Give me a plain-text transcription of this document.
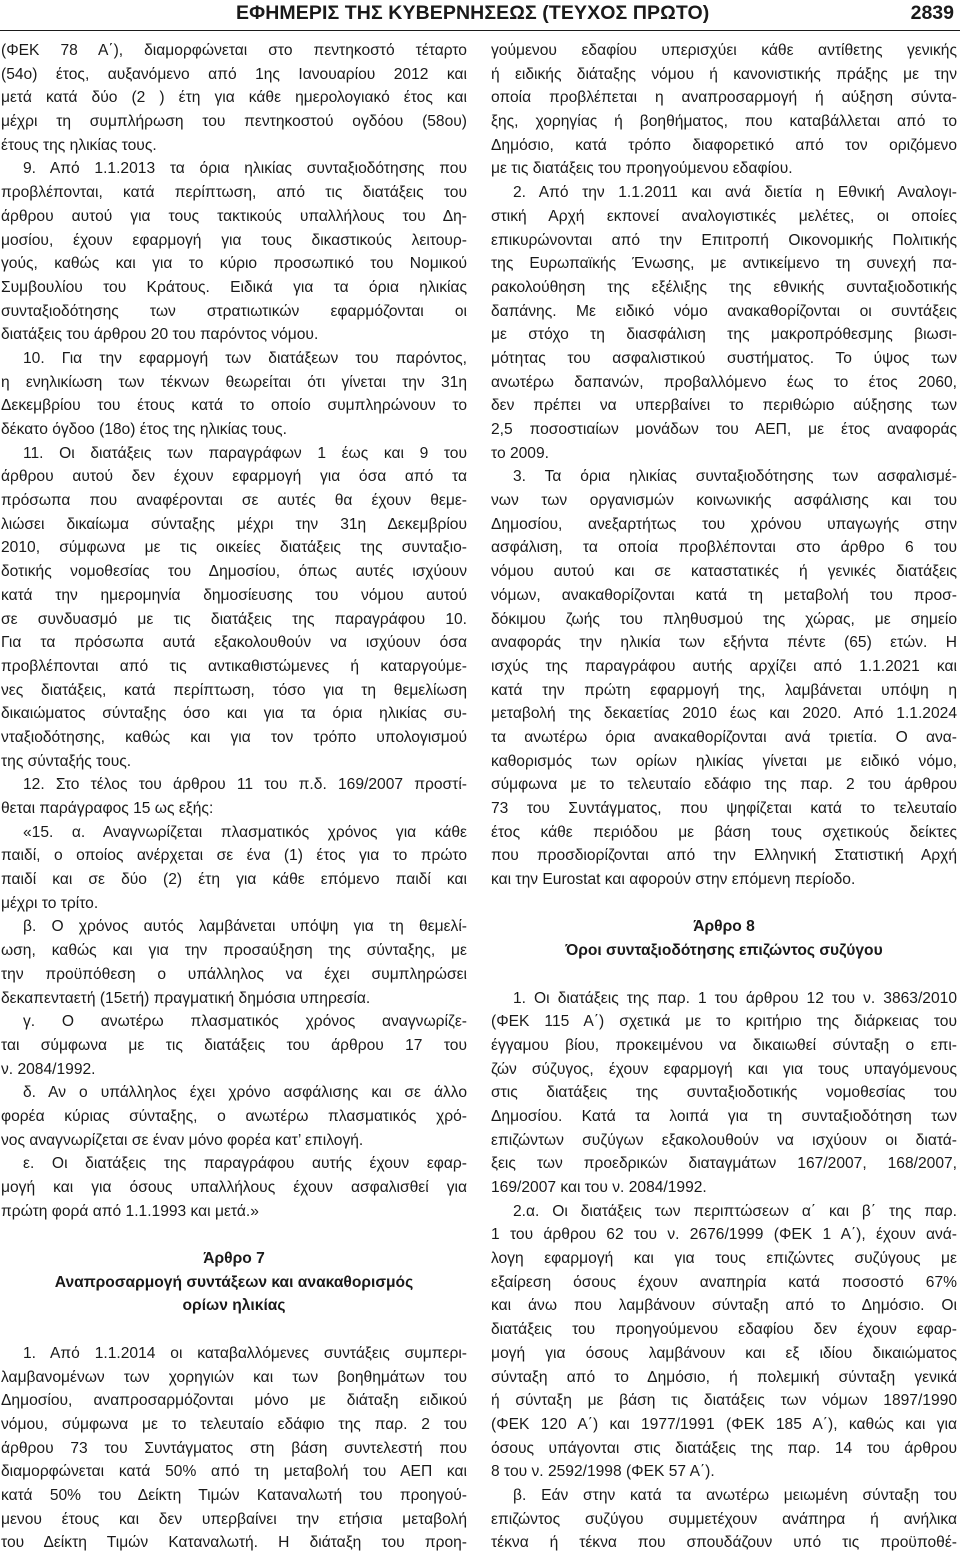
ΕΦΗΜΕΡΙΣ ΤΗΣ ΚΥΒΕΡΝΗΣΕΩΣ (ΤΕΥΧΟΣ ΠΡΩΤΟ)	2839
(ΦΕΚ 78 Α΄), διαμορφώνεται στο πεντηκοστό τέταρτο
(54ο) έτος, αυξανόμενο από 1ης Ιανουαρίου 2012 και
μετά κατά δύο (2 ) έτη για κάθε ημερολογιακό έτος και
μέχρι τη συμπλήρωση του πεντηκοστού ογδόου (58ου)
έτους της ηλικίας τους.
9. Από 1.1.2013 τα όρια ηλικίας συνταξιοδότησης που
προβλέπονται, κατά περίπτωση, από τις διατάξεις του
άρθρου αυτού για τους τακτικούς υπαλλήλους του Δη-
μοσίου, έχουν εφαρμογή για τους δικαστικούς λειτουρ-
γούς, καθώς και για το κύριο προσωπικό του Νομικού
Συμβουλίου του Κράτους. Ειδικά για τα όρια ηλικίας
συνταξιοδότησης των στρατιωτικών εφαρμόζονται οι
διατάξεις του άρθρου 20 του παρόντος νόμου.
10. Για την εφαρμογή των διατάξεων του παρόντος,
η ενηλικίωση των τέκνων θεωρείται ότι γίνεται την 31η
Δεκεμβρίου του έτους κατά το οποίο συμπληρώνουν το
δέκατο όγδοο (18ο) έτος της ηλικίας τους.
11. Οι διατάξεις των παραγράφων 1 έως και 9 του
άρθρου αυτού δεν έχουν εφαρμογή για όσα από τα
πρόσωπα που αναφέρονται σε αυτές θα έχουν θεμε-
λιώσει δικαίωμα σύνταξης μέχρι την 31η Δεκεμβρίου
2010, σύμφωνα με τις οικείες διατάξεις της συνταξιο-
δοτικής νομοθεσίας του Δημοσίου, όπως αυτές ισχύουν
κατά την ημερομηνία δημοσίευσης του νόμου αυτού
σε συνδυασμό με τις διατάξεις της παραγράφου 10.
Για τα πρόσωπα αυτά εξακολουθούν να ισχύουν όσα
προβλέπονται από τις αντικαθιστώμενες ή καταργούμε-
νες διατάξεις, κατά περίπτωση, τόσο για τη θεμελίωση
δικαιώματος σύνταξης όσο και για τα όρια ηλικίας συ-
νταξιοδότησης, καθώς και για τον τρόπο υπολογισμού
της σύνταξής τους.
12. Στο τέλος του άρθρου 11 του π.δ. 169/2007 προστί-
θεται παράγραφος 15 ως εξής:
«15. α. Αναγνωρίζεται πλασματικός χρόνος για κάθε
παιδί, ο οποίος ανέρχεται σε ένα (1) έτος για το πρώτο
παιδί και σε δύο (2) έτη για κάθε επόμενο παιδί και
μέχρι το τρίτο.
β. Ο χρόνος αυτός λαμβάνεται υπόψη για τη θεμελί-
ωση, καθώς και για την προσαύξηση της σύνταξης, με
την προϋπόθεση ο υπάλληλος να έχει συμπληρώσει
δεκαπενταετή (15ετή) πραγματική δημόσια υπηρεσία.
γ. Ο ανωτέρω πλασματικός χρόνος αναγνωρίζε-
ται σύμφωνα με τις διατάξεις του άρθρου 17 του
ν. 2084/1992.
δ. Αν ο υπάλληλος έχει χρόνο ασφάλισης και σε άλλο
φορέα κύριας σύνταξης, ο ανωτέρω πλασματικός χρό-
νος αναγνωρίζεται σε έναν μόνο φορέα κατ’ επιλογή.
ε. Οι διατάξεις της παραγράφου αυτής έχουν εφαρ-
μογή και για όσους υπαλλήλους έχουν ασφαλισθεί για
πρώτη φορά από 1.1.1993 και μετά.»
Άρθρο 7
Αναπροσαρμογή συντάξεων και ανακαθορισμός
ορίων ηλικίας
1. Από 1.1.2014 οι καταβαλλόμενες συντάξεις συμπερι-
λαμβανομένων των χορηγιών και των βοηθημάτων του
Δημοσίου, αναπροσαρμόζονται μόνο με διάταξη ειδικού
νόμου, σύμφωνα με το τελευταίο εδάφιο της παρ. 2 του
άρθρου 73 του Συντάγματος στη βάση συντελεστή που
διαμορφώνεται κατά 50% από τη μεταβολή του ΑΕΠ και
κατά 50% του Δείκτη Τιμών Καταναλωτή του προηγού-
μενου έτους και δεν υπερβαίνει την ετήσια μεταβολή
του Δείκτη Τιμών Καταναλωτή. Η διάταξη του προη-
γούμενου εδαφίου υπερισχύει κάθε αντίθετης γενικής
ή ειδικής διάταξης νόμου ή κανονιστικής πράξης με την
οποία προβλέπεται η αναπροσαρμογή ή αύξηση σύντα-
ξης, χορηγίας ή βοηθήματος, που καταβάλλεται από το
Δημόσιο, κατά τρόπο διαφορετικό από τον οριζόμενο
με τις διατάξεις του προηγούμενου εδαφίου.
2. Από την 1.1.2011 και ανά διετία η Εθνική Αναλογι-
στική Αρχή εκπονεί αναλογιστικές μελέτες, οι οποίες
επικυρώνονται από την Επιτροπή Οικονομικής Πολιτικής
της Ευρωπαϊκής Ένωσης, με αντικείμενο τη συνεχή πα-
ρακολούθηση της εξέλιξης της εθνικής συνταξιοδοτικής
δαπάνης. Με ειδικό νόμο ανακαθορίζονται οι συντάξεις
με στόχο τη διασφάλιση της μακροπρόθεσμης βιωσι-
μότητας του ασφαλιστικού συστήματος. Το ύψος των
ανωτέρω δαπανών, προβαλλόμενο έως το έτος 2060,
δεν πρέπει να υπερβαίνει το περιθώριο αύξησης των
2,5 ποσοστιαίων μονάδων του ΑΕΠ, με έτος αναφοράς
το 2009.
3. Τα όρια ηλικίας συνταξιοδότησης των ασφαλισμέ-
νων των οργανισμών κοινωνικής ασφάλισης και του
Δημοσίου, ανεξαρτήτως του χρόνου υπαγωγής στην
ασφάλιση, τα οποία προβλέπονται στο άρθρο 6 του
νόμου αυτού και σε καταστατικές ή γενικές διατάξεις
νόμων, ανακαθορίζονται κατά τη μεταβολή του προσ-
δόκιμου ζωής του πληθυσμού της χώρας, με σημείο
αναφοράς την ηλικία των εξήντα πέντε (65) ετών. Η
ισχύς της παραγράφου αυτής αρχίζει από 1.1.2021 και
κατά την πρώτη εφαρμογή της, λαμβάνεται υπόψη η
μεταβολή της δεκαετίας 2010 έως και 2020. Από 1.1.2024
τα ανωτέρω όρια ανακαθορίζονται ανά τριετία. Ο ανα-
καθορισμός των ορίων ηλικίας γίνεται με ειδικό νόμο,
σύμφωνα με το τελευταίο εδάφιο της παρ. 2 του άρθρου
73 του Συντάγματος, που ψηφίζεται κατά το τελευταίο
έτος κάθε περιόδου με βάση τους σχετικούς δείκτες
που προσδιορίζονται από την Ελληνική Στατιστική Αρχή
και την Eurostat και αφορούν στην επόμενη περίοδο.
Άρθρο 8
Όροι συνταξιοδότησης επιζώντος συζύγου
1. Οι διατάξεις της παρ. 1 του άρθρου 12 του ν. 3863/2010
(ΦΕΚ 115 Α΄) σχετικά με το κριτήριο της διάρκειας του
έγγαμου βίου, προκειμένου να δικαιωθεί σύνταξη ο επι-
ζών σύζυγος, έχουν εφαρμογή και για τους υπαγόμενους
στις διατάξεις της συνταξιοδοτικής νομοθεσίας του
Δημοσίου. Κατά τα λοιπά για τη συνταξιοδότηση των
επιζώντων συζύγων εξακολουθούν να ισχύουν οι διατά-
ξεις των προεδρικών διαταγμάτων 167/2007, 168/2007,
169/2007 και του ν. 2084/1992.
2.α. Οι διατάξεις των περιπτώσεων α΄ και β΄ της παρ.
1 του άρθρου 62 του ν. 2676/1999 (ΦΕΚ 1 Α΄), έχουν ανά-
λογη εφαρμογή και για τους επιζώντες συζύγους με
εξαίρεση όσους έχουν αναπηρία κατά ποσοστό 67%
και άνω που λαμβάνουν σύνταξη από το Δημόσιο. Οι
διατάξεις του προηγούμενου εδαφίου δεν έχουν εφαρ-
μογή για όσους λαμβάνουν και εξ ιδίου δικαιώματος
σύνταξη από το Δημόσιο, ή πολεμική σύνταξη γενικά
ή σύνταξη με βάση τις διατάξεις των νόμων 1897/1990
(ΦΕΚ 120 Α΄) και 1977/1991 (ΦΕΚ 185 Α΄), καθώς και για
όσους υπάγονται στις διατάξεις της παρ. 14 του άρθρου
8 του ν. 2592/1998 (ΦΕΚ 57 Α΄).
β. Εάν στην κατά τα ανωτέρω μειωμένη σύνταξη του
επιζώντος συζύγου συμμετέχουν ανάπηρα ή ανήλικα
τέκνα ή τέκνα που σπουδάζουν υπό τις προϋποθέ-
